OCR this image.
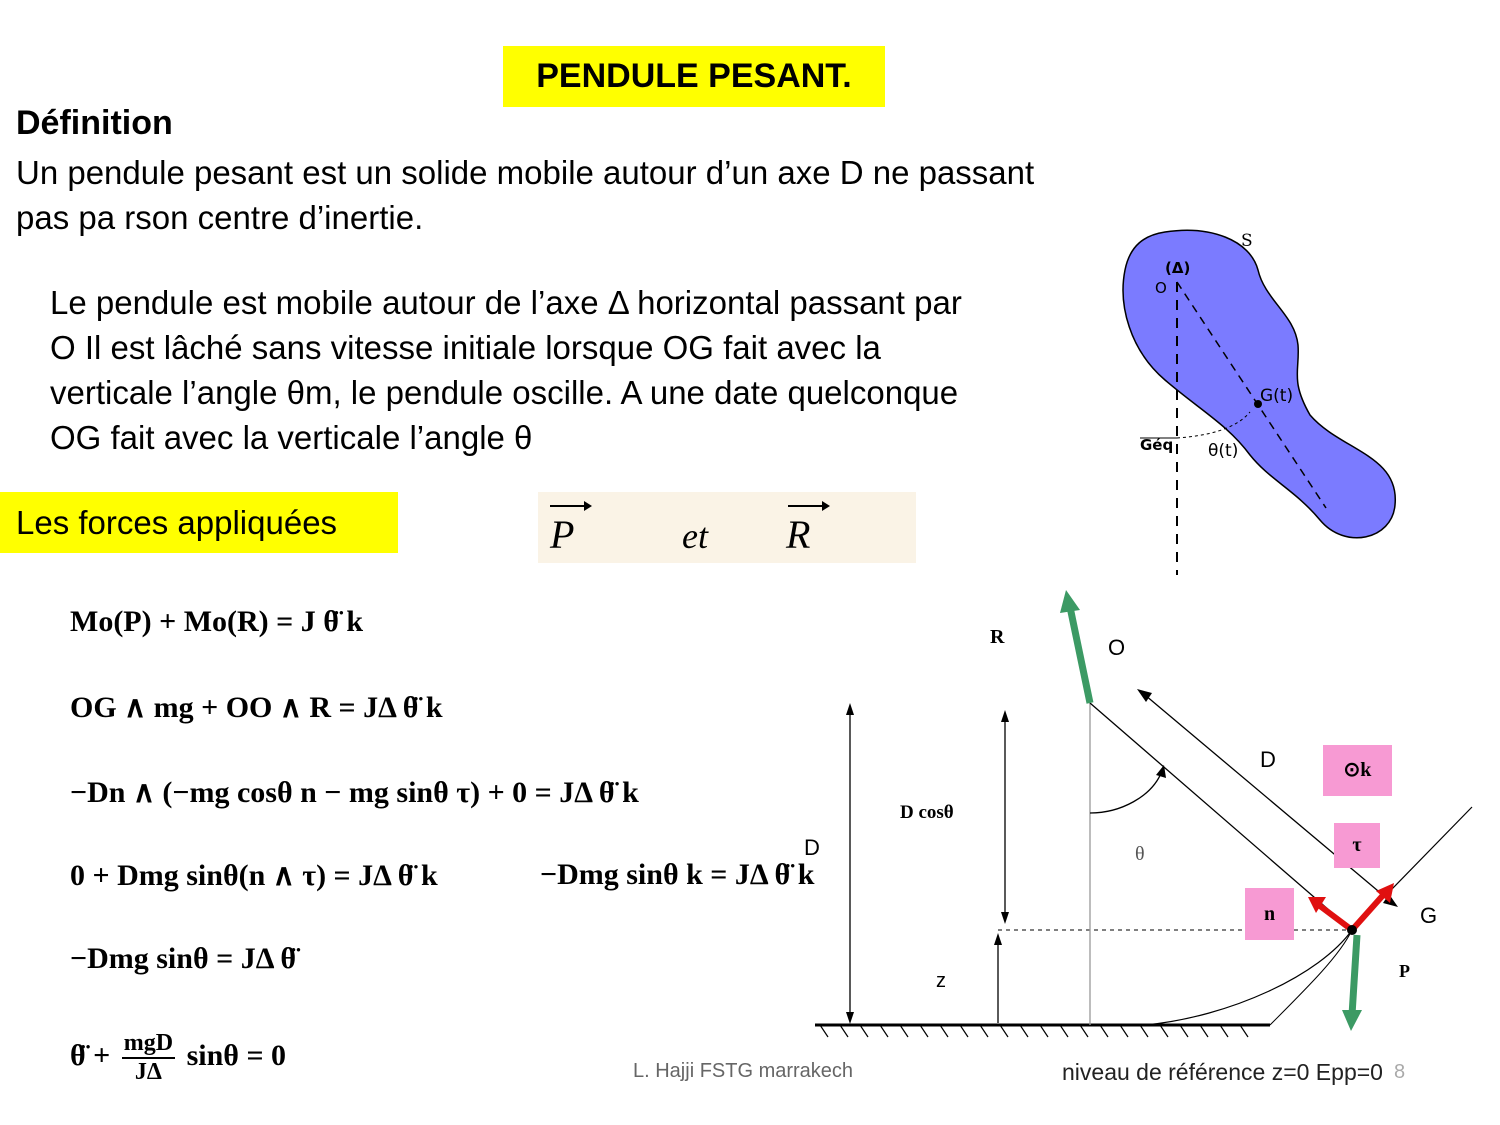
PENDULE PESANT.
Définition
Un pendule pesant est un solide mobile autour d’un axe D ne passant
pas pa rson centre d’inertie.
Le pendule est mobile autour de l’axe Δ horizontal passant par
O Il est lâché sans vitesse initiale lorsque OG fait avec la
verticale l’angle θm, le pendule oscille. A une date quelconque
OG fait avec la verticale l’angle θ
Les forces appliquées	P	et R
S
(Δ)
O
G(t)
Géq θ(t)
Mo(P) + Mo(R) = J θ̈ k
OG ∧ mg + OO ∧ R = JΔ θ̈ k
−Dn ∧ (−mg cosθ n − mg sinθ τ) + 0 = JΔ θ̈ k
0 + Dmg sinθ(n ∧ τ) = JΔ θ̈ k	−Dmg sinθ k = JΔ θ̈ k
−Dmg sinθ = JΔ θ̈
θ̈ + mgD
JΔ
sinθ = 0
R	O
D
D cosθ
θ
D
z
G
P
⊙k
τ
n
L. Hajji FSTG marrakech	niveau de référence z=0 Epp=0 8
